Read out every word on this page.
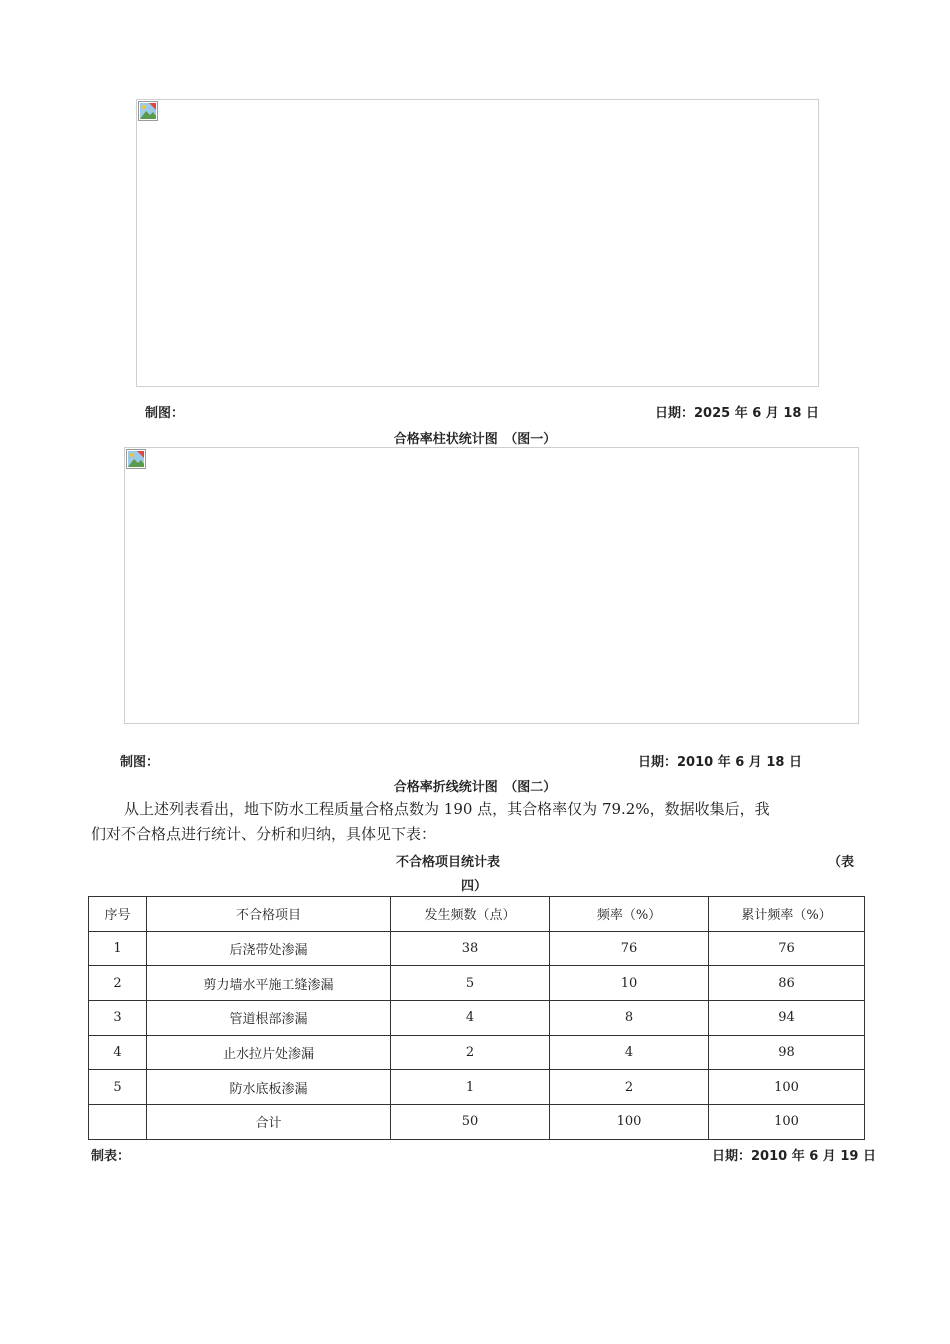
制图：	日期：2025 年 6 月 18 日
合格率柱状统计图　（图一）
制图：	日期：2010 年 6 月 18 日
合格率折线统计图　（图二）
从上述列表看出，地下防水工程质量合格点数为 190 点，其合格率仅为 79.2%，数据收集后，我
们对不合格点进行统计、分析和归纳，具体见下表：
不合格项目统计表	（表
四）
序号	不合格项目	发生频数（点）	频率（%）	累计频率（%）
1	后浇带处渗漏	38	76	76
2	剪力墙水平施工缝渗漏	5	10	86
3	管道根部渗漏	4	8	94
4	止水拉片处渗漏	2	4	98
5	防水底板渗漏	1	2	100
	合计	50	100	100
制表：	日期：2010 年 6 月 19 日
